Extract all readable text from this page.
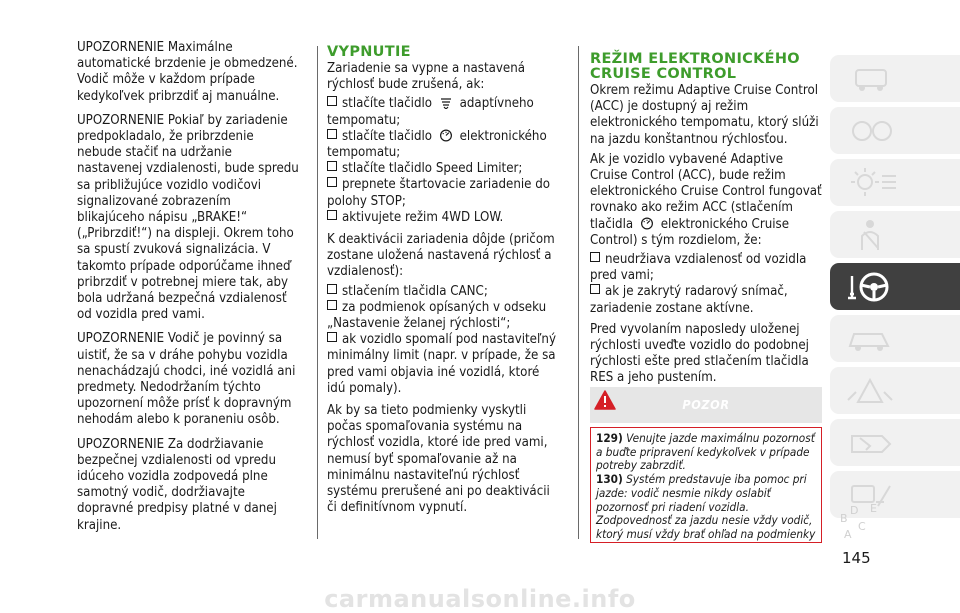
UPOZORNENIE Maximálne automatické brzdenie je obmedzené. Vodič môže v každom prípade kedykoľvek pribrzdiť aj manuálne.

UPOZORNENIE Pokiaľ by zariadenie predpokladalo, že pribrzdenie nebude stačiť na udržanie nastavenej vzdialenosti, bude spredu sa približujúce vozidlo vodičovi signalizované zobrazením blikajúceho nápisu „BRAKE!“ („Pribrzdiť!“) na displeji. Okrem toho sa spustí zvuková signalizácia. V takomto prípade odporúčame ihneď pribrzdiť v potrebnej miere tak, aby bola udržaná bezpečná vzdialenosť od vozidla pred vami.

UPOZORNENIE Vodič je povinný sa uistiť, že sa v dráhe pohybu vozidla nenachádzajú chodci, iné vozidlá ani predmety. Nedodržaním týchto upozornení môže prísť k dopravným nehodám alebo k poraneniu osôb.

UPOZORNENIE Za dodržiavanie bezpečnej vzdialenosti od vpredu idúceho vozidla zodpovedá plne samotný vodič, dodržiavajte dopravné predpisy platné v danej krajine.

VYPNUTIE

Zariadenie sa vypne a nastavená rýchlosť bude zrušená, ak:

stlačíte tlačidlo adaptívneho tempomatu;
stlačíte tlačidlo elektronického tempomatu;
stlačíte tlačidlo Speed Limiter;
prepnete štartovacie zariadenie do polohy STOP;
aktivujete režim 4WD LOW.

K deaktivácii zariadenia dôjde (pričom zostane uložená nastavená rýchlosť a vzdialenosť):

stlačením tlačidla CANC;
za podmienok opísaných v odseku „Nastavenie želanej rýchlosti“;
ak vozidlo spomalí pod nastaviteľný minimálny limit (napr. v prípade, že sa pred vami objavia iné vozidlá, ktoré idú pomaly).

Ak by sa tieto podmienky vyskytli počas spomaľovania systému na rýchlosť vozidla, ktoré ide pred vami, nemusí byť spomaľovanie až na minimálnu nastaviteľnú rýchlosť systému prerušené ani po deaktivácii či definitívnom vypnutí.

REŽIM ELEKTRONICKÉHO
CRUISE CONTROL

Okrem režimu Adaptive Cruise Control (ACC) je dostupný aj režim elektronického tempomatu, ktorý slúži na jazdu konštantnou rýchlosťou.

Ak je vozidlo vybavené Adaptive Cruise Control (ACC), bude režim elektronického Cruise Control fungovať rovnako ako režim ACC (stlačením tlačidla elektronického Cruise Control) s tým rozdielom, že:

neudržiava vzdialenosť od vozidla pred vami;
ak je zakrytý radarový snímač,

zariadenie zostane aktívne.

Pred vyvolaním naposledy uloženej rýchlosti uveďte vozidlo do podobnej rýchlosti ešte pred stlačením tlačidla RES a jeho pustením.

POZOR
129) Venujte jazde maximálnu pozornosť a buďte pripravení kedykoľvek v prípade potreby zabrzdiť.
130) Systém predstavuje iba pomoc pri jazde: vodič nesmie nikdy oslabiť pozornosť pri riadení vozidla. Zodpovednosť za jazdu nesie vždy vodič, ktorý musí vždy brať ohľad na podmienky
B
D
C
E
A
145
carmanualsonline.info
